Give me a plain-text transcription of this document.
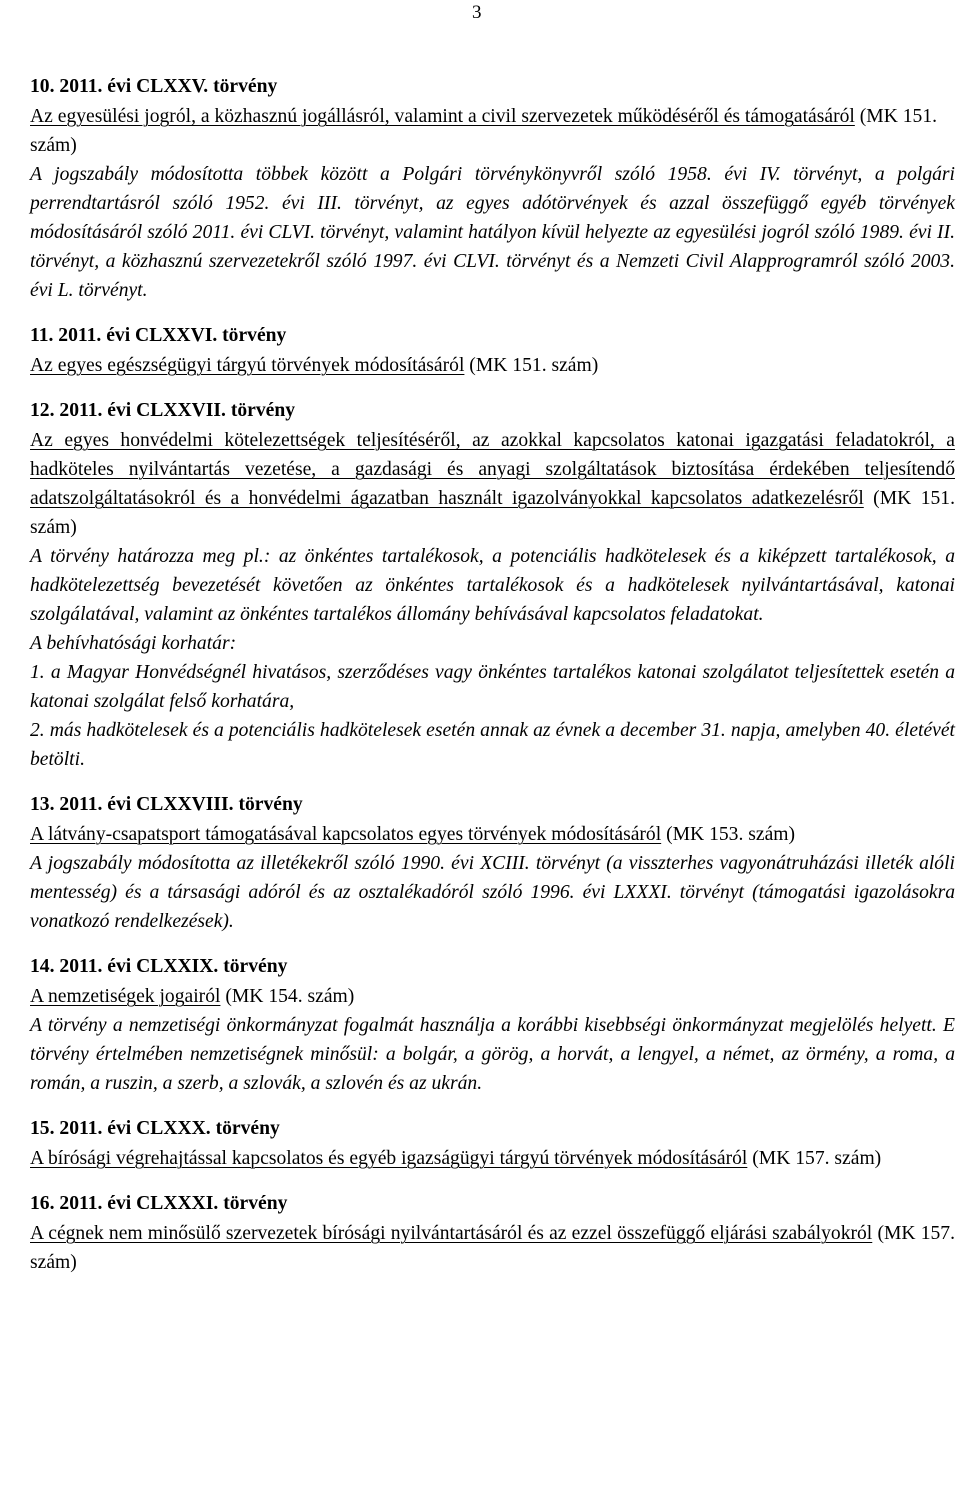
3

10. 2011. évi CLXXV. törvény

Az egyesülési jogról, a közhasznú jogállásról, valamint a civil szervezetek működéséről és támogatásáról (MK 151. szám)

A jogszabály módosította többek között a Polgári törvénykönyvről szóló 1958. évi IV. törvényt, a polgári perrendtartásról szóló 1952. évi III. törvényt, az egyes adótörvények és azzal összefüggő egyéb törvények módosításáról szóló 2011. évi CLVI. törvényt, valamint hatályon kívül helyezte az egyesülési jogról szóló 1989. évi II. törvényt, a közhasznú szervezetekről szóló 1997. évi CLVI. törvényt és a Nemzeti Civil Alapprogramról szóló 2003. évi L. törvényt.

11. 2011. évi CLXXVI. törvény

Az egyes egészségügyi tárgyú törvények módosításáról (MK 151. szám)

12. 2011. évi CLXXVII. törvény

Az egyes honvédelmi kötelezettségek teljesítéséről, az azokkal kapcsolatos katonai igazgatási feladatokról, a hadköteles nyilvántartás vezetése, a gazdasági és anyagi szolgáltatások biztosítása érdekében teljesítendő adatszolgáltatásokról és a honvédelmi ágazatban használt igazolványokkal kapcsolatos adatkezelésről (MK 151. szám)

A törvény határozza meg pl.: az önkéntes tartalékosok, a potenciális hadkötelesek és a kiképzett tartalékosok, a hadkötelezettség bevezetését követően az önkéntes tartalékosok és a hadkötelesek nyilvántartásával, katonai szolgálatával, valamint az önkéntes tartalékos állomány behívásával kapcsolatos feladatokat.

A behívhatósági korhatár:

1. a Magyar Honvédségnél hivatásos, szerződéses vagy önkéntes tartalékos katonai szolgálatot teljesítettek esetén a katonai szolgálat felső korhatára,

2. más hadkötelesek és a potenciális hadkötelesek esetén annak az évnek a december 31. napja, amelyben 40. életévét betölti.

13. 2011. évi CLXXVIII. törvény

A látvány-csapatsport támogatásával kapcsolatos egyes törvények módosításáról (MK 153. szám)

A jogszabály módosította az illetékekről szóló 1990. évi XCIII. törvényt (a visszterhes vagyonátruházási illeték alóli mentesség) és a társasági adóról és az osztalékadóról szóló 1996. évi LXXXI. törvényt (támogatási igazolásokra vonatkozó rendelkezések).

14. 2011. évi CLXXIX. törvény

A nemzetiségek jogairól (MK 154. szám)

A törvény a nemzetiségi önkormányzat fogalmát használja a korábbi kisebbségi önkormányzat megjelölés helyett. E törvény értelmében nemzetiségnek minősül: a bolgár, a görög, a horvát, a lengyel, a német, az örmény, a roma, a román, a ruszin, a szerb, a szlovák, a szlovén és az ukrán.

15. 2011. évi CLXXX. törvény

A bírósági végrehajtással kapcsolatos és egyéb igazságügyi tárgyú törvények módosításáról (MK 157. szám)

16. 2011. évi CLXXXI. törvény

A cégnek nem minősülő szervezetek bírósági nyilvántartásáról és az ezzel összefüggő eljárási szabályokról (MK 157. szám)
